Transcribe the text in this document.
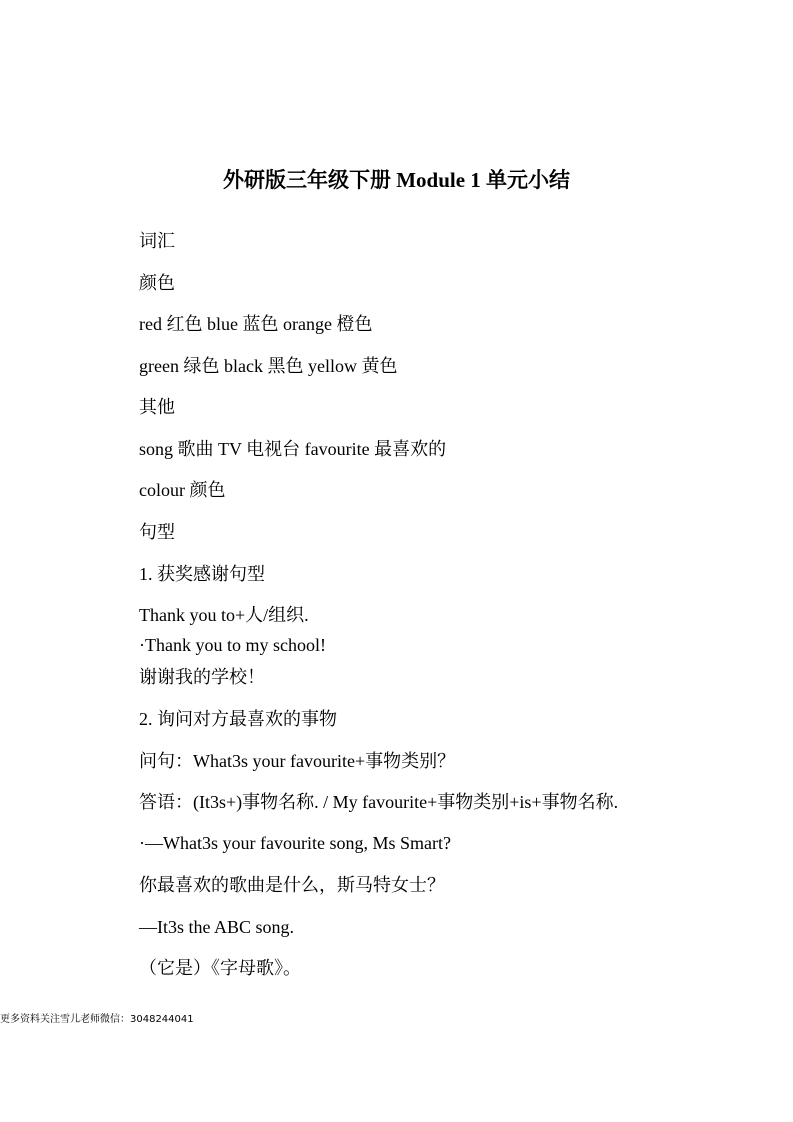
外研版三年级下册 Module 1 单元小结
词汇
颜色
red 红色 blue 蓝色 orange 橙色
green 绿色 black 黑色 yellow 黄色
其他
song 歌曲 TV 电视台 favourite 最喜欢的
colour 颜色
句型
1. 获奖感谢句型
Thank you to+人/组织.
·Thank you to my school!
谢谢我的学校！
2. 询问对方最喜欢的事物
问句：What3s your favourite+事物类别？
答语：(It3s+)事物名称. / My favourite+事物类别+is+事物名称.
·—What3s your favourite song, Ms Smart?
你最喜欢的歌曲是什么，斯马特女士？
—It3s the ABC song.
（它是）《字母歌》。
更多资料关注雪儿老师微信：3048244041
